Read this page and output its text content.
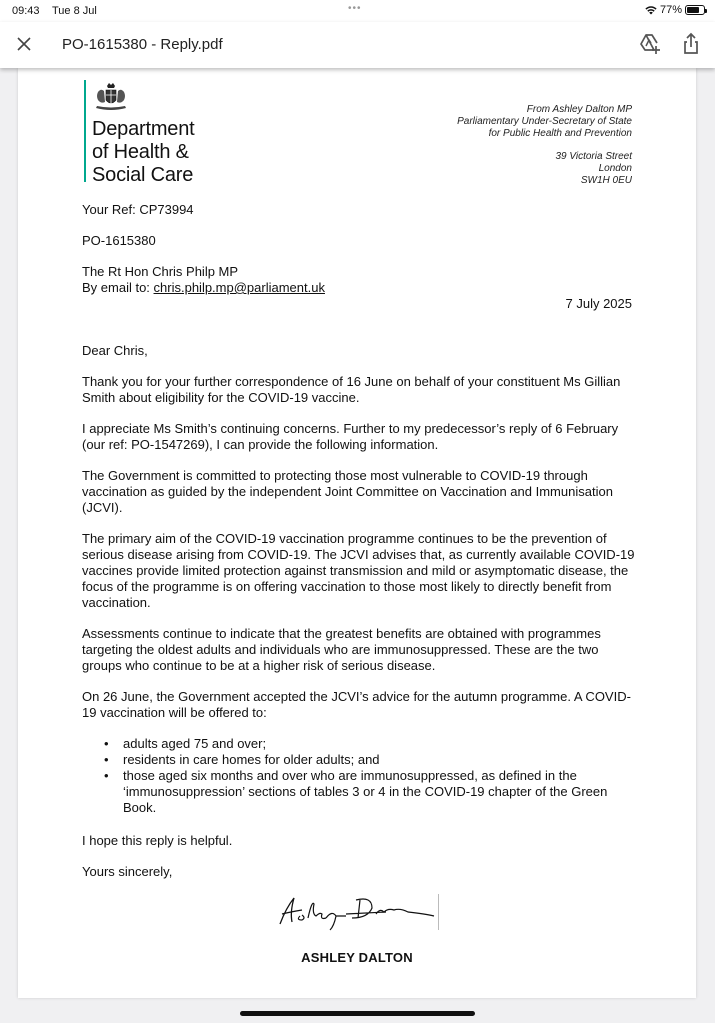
09:43 Tue 8 Jul	•••	77%
PO-1615380 - Reply.pdf
Department
of Health &
Social Care
From Ashley Dalton MP
Parliamentary Under-Secretary of State
for Public Health and Prevention
39 Victoria Street
London
SW1H 0EU
Your Ref: CP73994
PO-1615380
The Rt Hon Chris Philp MP
By email to: chris.philp.mp@parliament.uk
7 July 2025
Dear Chris,
Thank you for your further correspondence of 16 June on behalf of your constituent Ms Gillian Smith about eligibility for the COVID-19 vaccine.
I appreciate Ms Smith’s continuing concerns. Further to my predecessor’s reply of 6 February (our ref: PO-1547269), I can provide the following information.
The Government is committed to protecting those most vulnerable to COVID-19 through vaccination as guided by the independent Joint Committee on Vaccination and Immunisation (JCVI).
The primary aim of the COVID-19 vaccination programme continues to be the prevention of serious disease arising from COVID-19. The JCVI advises that, as currently available COVID-19 vaccines provide limited protection against transmission and mild or asymptomatic disease, the focus of the programme is on offering vaccination to those most likely to directly benefit from vaccination.
Assessments continue to indicate that the greatest benefits are obtained with programmes targeting the oldest adults and individuals who are immunosuppressed. These are the two groups who continue to be at a higher risk of serious disease.
On 26 June, the Government accepted the JCVI’s advice for the autumn programme. A COVID-19 vaccination will be offered to:
• adults aged 75 and over;
• residents in care homes for older adults; and
• those aged six months and over who are immunosuppressed, as defined in the ‘immunosuppression’ sections of tables 3 or 4 in the COVID-19 chapter of the Green Book.
I hope this reply is helpful.
Yours sincerely,
ASHLEY DALTON
